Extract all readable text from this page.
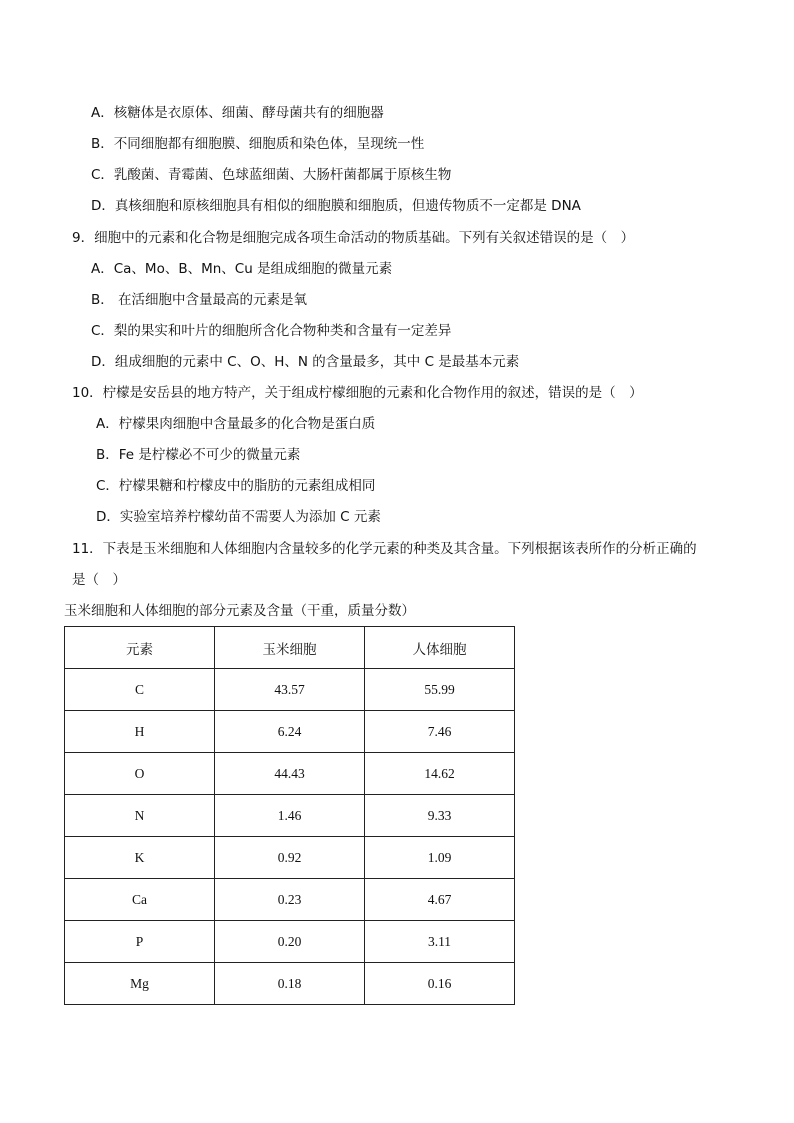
A．核糖体是衣原体、细菌、酵母菌共有的细胞器
B．不同细胞都有细胞膜、细胞质和染色体，呈现统一性
C．乳酸菌、青霉菌、色球蓝细菌、大肠杆菌都属于原核生物
D．真核细胞和原核细胞具有相似的细胞膜和细胞质，但遗传物质不一定都是 DNA
9．细胞中的元素和化合物是细胞完成各项生命活动的物质基础。下列有关叙述错误的是（　）
A．Ca、Mo、B、Mn、Cu 是组成细胞的微量元素
B． 在活细胞中含量最高的元素是氧
C．梨的果实和叶片的细胞所含化合物种类和含量有一定差异
D．组成细胞的元素中 C、O、H、N 的含量最多，其中 C 是最基本元素
10．柠檬是安岳县的地方特产，关于组成柠檬细胞的元素和化合物作用的叙述，错误的是（　）
A．柠檬果肉细胞中含量最多的化合物是蛋白质
B．Fe 是柠檬必不可少的微量元素
C．柠檬果糖和柠檬皮中的脂肪的元素组成相同
D．实验室培养柠檬幼苗不需要人为添加 C 元素
11．下表是玉米细胞和人体细胞内含量较多的化学元素的种类及其含量。下列根据该表所作的分析正确的
是（　）
玉米细胞和人体细胞的部分元素及含量（干重，质量分数）
元素	玉米细胞	人体细胞
C	43.57	55.99
H	6.24	7.46
O	44.43	14.62
N	1.46	9.33
K	0.92	1.09
Ca	0.23	4.67
P	0.20	3.11
Mg	0.18	0.16
